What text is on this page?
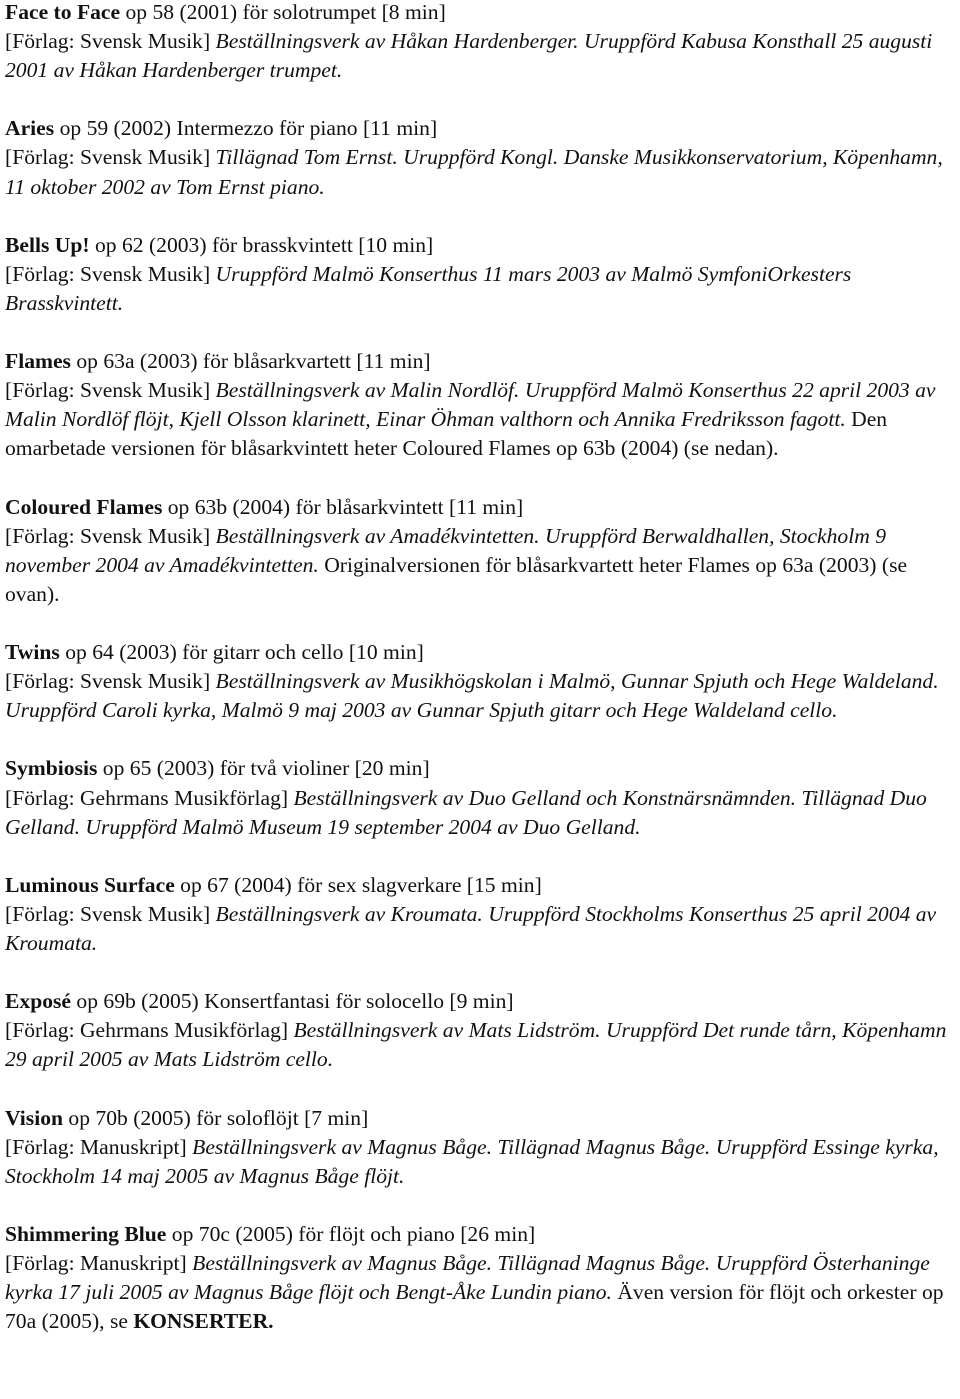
Face to Face op 58 (2001) för solotrumpet [8 min]
[Förlag: Svensk Musik] Beställningsverk av Håkan Hardenberger. Uruppförd Kabusa Konsthall 25 augusti 2001 av Håkan Hardenberger trumpet.
Aries op 59 (2002) Intermezzo för piano [11 min]
[Förlag: Svensk Musik] Tillägnad Tom Ernst. Uruppförd Kongl. Danske Musikkonservatorium, Köpenhamn, 11 oktober 2002 av Tom Ernst piano.
Bells Up! op 62 (2003) för brasskvintett [10 min]
[Förlag: Svensk Musik] Uruppförd Malmö Konserthus 11 mars 2003 av Malmö SymfoniOrkesters Brasskvintett.
Flames op 63a (2003) för blåsarkvartett [11 min]
[Förlag: Svensk Musik] Beställningsverk av Malin Nordlöf. Uruppförd Malmö Konserthus 22 april 2003 av Malin Nordlöf flöjt, Kjell Olsson klarinett, Einar Öhman valthorn och Annika Fredriksson fagott. Den omarbetade versionen för blåsarkvintett heter Coloured Flames op 63b (2004) (se nedan).
Coloured Flames op 63b (2004) för blåsarkvintett [11 min]
[Förlag: Svensk Musik] Beställningsverk av Amadékvintetten. Uruppförd Berwaldhallen, Stockholm 9 november 2004 av Amadékvintetten. Originalversionen för blåsarkvartett heter Flames op 63a (2003) (se ovan).
Twins op 64 (2003) för gitarr och cello [10 min]
[Förlag: Svensk Musik] Beställningsverk av Musikhögskolan i Malmö, Gunnar Spjuth och Hege Waldeland. Uruppförd Caroli kyrka, Malmö 9 maj 2003 av Gunnar Spjuth gitarr och Hege Waldeland cello.
Symbiosis op 65 (2003) för två violiner [20 min]
[Förlag: Gehrmans Musikförlag] Beställningsverk av Duo Gelland och Konstnärsnämnden. Tillägnad Duo Gelland. Uruppförd Malmö Museum 19 september 2004 av Duo Gelland.
Luminous Surface op 67 (2004) för sex slagverkare [15 min]
[Förlag: Svensk Musik] Beställningsverk av Kroumata. Uruppförd Stockholms Konserthus 25 april 2004 av Kroumata.
Exposé op 69b (2005) Konsertfantasi för solocello [9 min]
[Förlag: Gehrmans Musikförlag] Beställningsverk av Mats Lidström. Uruppförd Det runde tårn, Köpenhamn 29 april 2005 av Mats Lidström cello.
Vision op 70b (2005) för soloflöjt [7 min]
[Förlag: Manuskript] Beställningsverk av Magnus Båge. Tillägnad Magnus Båge. Uruppförd Essinge kyrka, Stockholm 14 maj 2005 av Magnus Båge flöjt.
Shimmering Blue op 70c (2005) för flöjt och piano [26 min]
[Förlag: Manuskript] Beställningsverk av Magnus Båge. Tillägnad Magnus Båge. Uruppförd Österhaninge kyrka 17 juli 2005 av Magnus Båge flöjt och Bengt-Åke Lundin piano. Även version för flöjt och orkester op 70a (2005), se KONSERTER.
